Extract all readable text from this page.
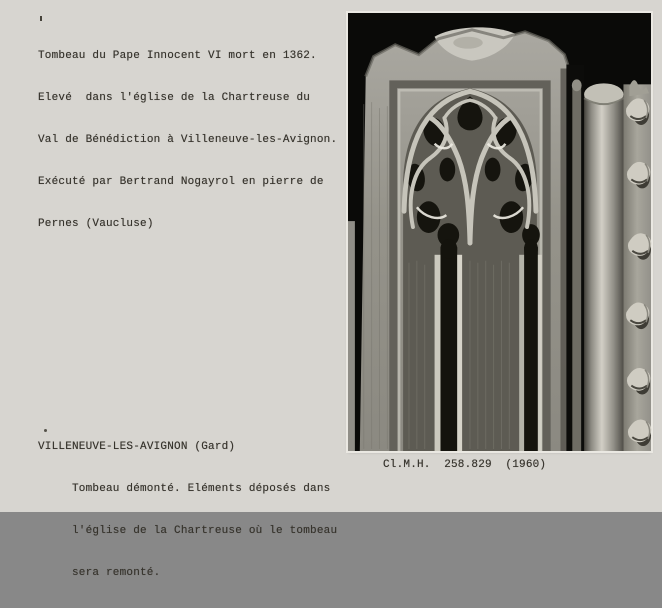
Tombeau du Pape Innocent VI mort en 1362.

Elevé  dans l'église de la Chartreuse du

Val de Bénédiction à Villeneuve-les-Avignon.

Exécuté par Bertrand Nogayrol en pierre de

Pernes (Vaucluse)

VILLENEUVE-LES-AVIGNON (Gard)

Tombeau démonté. Eléments déposés dans

l'église de la Chartreuse où le tombeau

sera remonté.

Cl.M.H.  258.829  (1960)
